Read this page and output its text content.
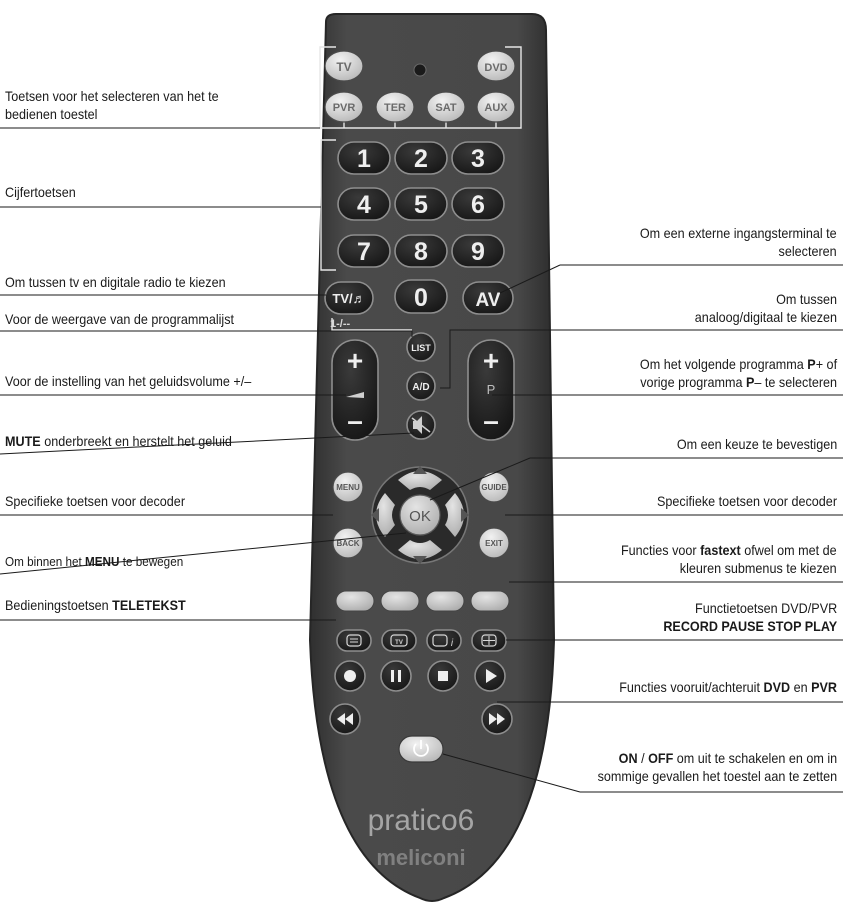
TV	DVD
PVR	TER	SAT	AUX
1 2 3
4 5 6
7 8 9
TV/♬ 0	AV
1-/--
+
–
+
P
–
LIST
A/D
MENU
BACK
GUIDE
EXIT
OK
TV	i
pratico6
meliconi
Toetsen voor het selecteren van het te bedienen toestel
Cijfertoetsen
Om tussen tv en digitale radio te kiezen
Voor de weergave van de programmalijst
Voor de instelling van het geluidsvolume +/–
MUTE onderbreekt en herstelt het geluid
Specifieke toetsen voor decoder
Om binnen het MENU te bewegen
Bedieningstoetsen TELETEKST
Om een externe ingangsterminal te
selecteren
Om tussen
analoog/digitaal te kiezen
Om het volgende programma P+ of
vorige programma P– te selecteren
Om een keuze te bevestigen
Specifieke toetsen voor decoder
Functies voor fastext ofwel om met de
kleuren submenus te kiezen
Functietoetsen DVD/PVR
RECORD PAUSE STOP PLAY
Functies vooruit/achteruit DVD en PVR
ON / OFF om uit te schakelen en om in
sommige gevallen het toestel aan te zetten
